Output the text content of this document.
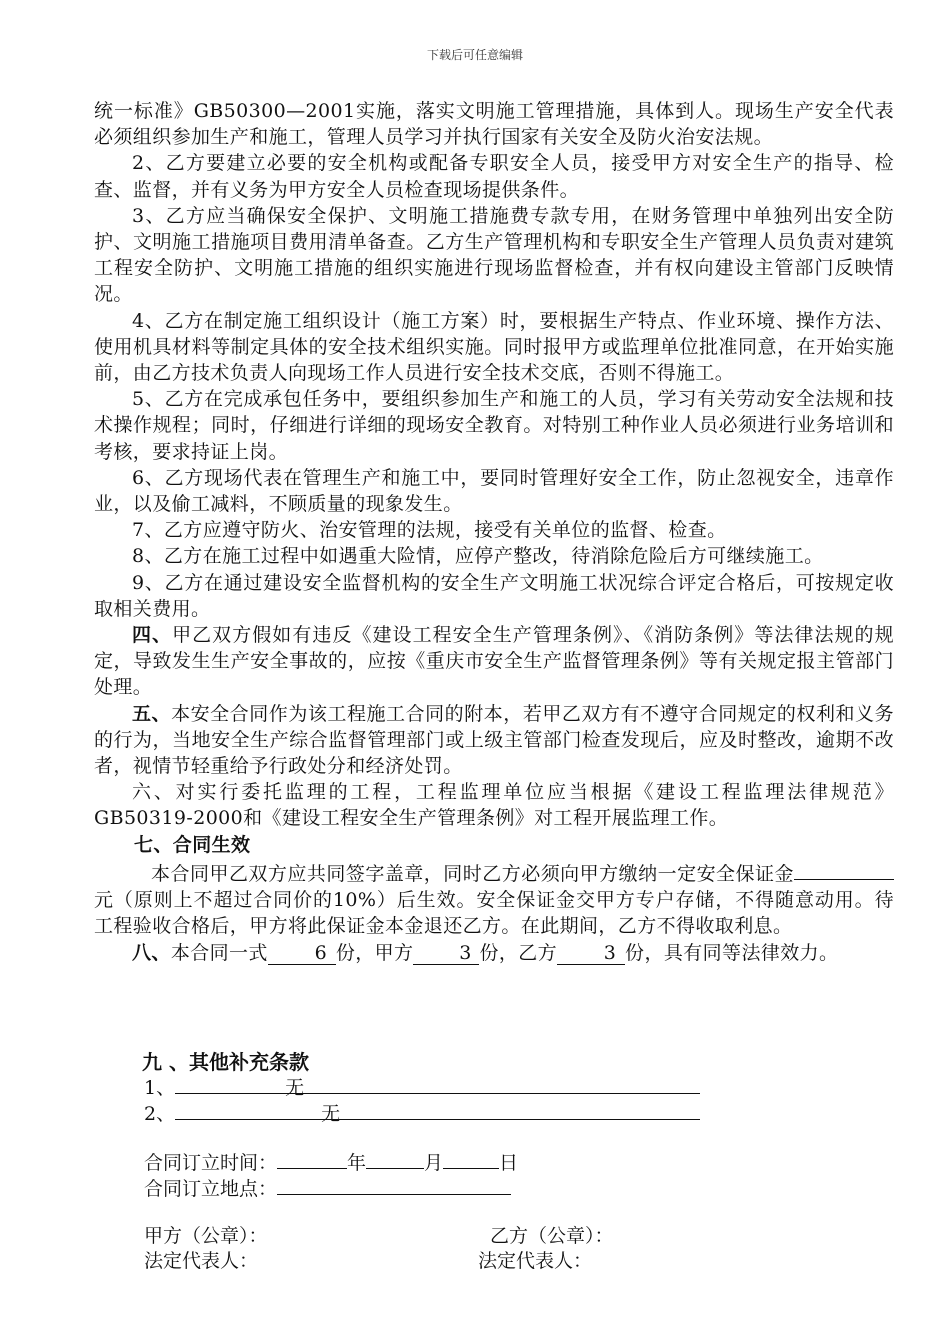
下载后可任意编辑

统一标准》GB50300—2001实施，落实文明施工管理措施，具体到人。现场生产安全代表必须组织参加生产和施工，管理人员学习并执行国家有关安全及防火治安法规。

2、乙方要建立必要的安全机构或配备专职安全人员，接受甲方对安全生产的指导、检查、监督，并有义务为甲方安全人员检查现场提供条件。

3、乙方应当确保安全保护、文明施工措施费专款专用，在财务管理中单独列出安全防护、文明施工措施项目费用清单备查。乙方生产管理机构和专职安全生产管理人员负责对建筑工程安全防护、文明施工措施的组织实施进行现场监督检查，并有权向建设主管部门反映情况。

4、乙方在制定施工组织设计（施工方案）时，要根据生产特点、作业环境、操作方法、使用机具材料等制定具体的安全技术组织实施。同时报甲方或监理单位批准同意，在开始实施前，由乙方技术负责人向现场工作人员进行安全技术交底，否则不得施工。

5、乙方在完成承包任务中，要组织参加生产和施工的人员，学习有关劳动安全法规和技术操作规程；同时，仔细进行详细的现场安全教育。对特别工种作业人员必须进行业务培训和考核，要求持证上岗。

6、乙方现场代表在管理生产和施工中，要同时管理好安全工作，防止忽视安全，违章作业，以及偷工减料，不顾质量的现象发生。

7、乙方应遵守防火、治安管理的法规，接受有关单位的监督、检查。

8、乙方在施工过程中如遇重大险情，应停产整改，待消除危险后方可继续施工。

9、乙方在通过建设安全监督机构的安全生产文明施工状况综合评定合格后，可按规定收取相关费用。

四、甲乙双方假如有违反《建设工程安全生产管理条例》、《消防条例》等法律法规的规定，导致发生生产安全事故的，应按《重庆市安全生产监督管理条例》等有关规定报主管部门处理。

五、本安全合同作为该工程施工合同的附本，若甲乙双方有不遵守合同规定的权利和义务的行为，当地安全生产综合监督管理部门或上级主管部门检查发现后，应及时整改，逾期不改者，视情节轻重给予行政处分和经济处罚。

六、对实行委托监理的工程，工程监理单位应当根据《建设工程监理法律规范》GB50319-2000和《建设工程安全生产管理条例》对工程开展监理工作。

七、合同生效

本合同甲乙双方应共同签字盖章，同时乙方必须向甲方缴纳一定安全保证金元（原则上不超过合同价的10%）后生效。安全保证金交甲方专户存储，不得随意动用。待工程验收合格后，甲方将此保证金本金退还乙方。在此期间，乙方不得收取利息。

八、本合同一式 6 份，甲方 3 份，乙方 3 份，具有同等法律效力。

九 、其他补充条款
1、	无
2、	无
合同订立时间：	年	月	日
合同订立地点：
甲方（公章）：
法定代表人：
乙方（公章）：
法定代表人：
